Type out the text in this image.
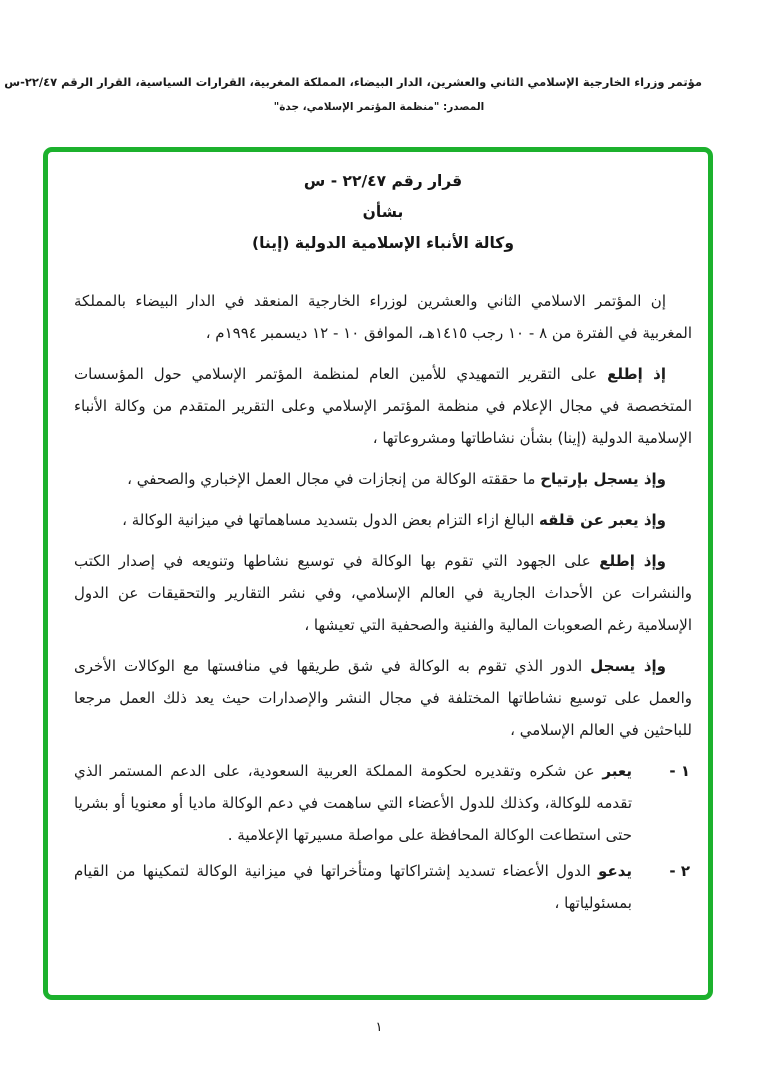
مؤتمر وزراء الخارجية الإسلامي الثاني والعشرين، الدار البيضاء، المملكة المغربية، القرارات السياسية، القرار الرقم ٢٢/٤٧-س
المصدر: "منظمة المؤتمر الإسلامي، جدة"
قرار رقم ٢٢/٤٧ - س
بشأن
وكالة الأنباء الإسلامية الدولية (إينا)

إن المؤتمر الاسلامي الثاني والعشرين لوزراء الخارجية المنعقد في الدار البيضاء بالمملكة المغربية في الفترة من ٨ - ١٠ رجب ١٤١٥هـ، الموافق ١٠ - ١٢ ديسمبر ١٩٩٤م ،

إذ إطلع على التقرير التمهيدي للأمين العام لمنظمة المؤتمر الإسلامي حول المؤسسات المتخصصة في مجال الإعلام في منظمة المؤتمر الإسلامي وعلى التقرير المتقدم من وكالة الأنباء الإسلامية الدولية (إينا) بشأن نشاطاتها ومشروعاتها ،

وإذ يسجل بإرتياح ما حققته الوكالة من إنجازات في مجال العمل الإخباري والصحفي ،

وإذ يعبر عن قلقه البالغ ازاء التزام بعض الدول بتسديد مساهماتها في ميزانية الوكالة ،

وإذ إطلع على الجهود التي تقوم بها الوكالة في توسيع نشاطها وتنويعه في إصدار الكتب والنشرات عن الأحداث الجارية في العالم الإسلامي، وفي نشر التقارير والتحقيقات عن الدول الإسلامية رغم الصعوبات المالية والفنية والصحفية التي تعيشها ،

وإذ يسجل الدور الذي تقوم به الوكالة في شق طريقها في منافستها مع الوكالات الأخرى والعمل على توسيع نشاطاتها المختلفة في مجال النشر والإصدارات حيث يعد ذلك العمل مرجعا للباحثين في العالم الإسلامي ،

١ -
يعبر عن شكره وتقديره لحكومة المملكة العربية السعودية، على الدعم المستمر الذي تقدمه للوكالة، وكذلك للدول الأعضاء التي ساهمت في دعم الوكالة ماديا أو معنويا أو بشريا حتى استطاعت الوكالة المحافظة على مواصلة مسيرتها الإعلامية .
٢ -
يدعو الدول الأعضاء تسديد إشتراكاتها ومتأخراتها في ميزانية الوكالة لتمكينها من القيام بمسئولياتها ،
١
